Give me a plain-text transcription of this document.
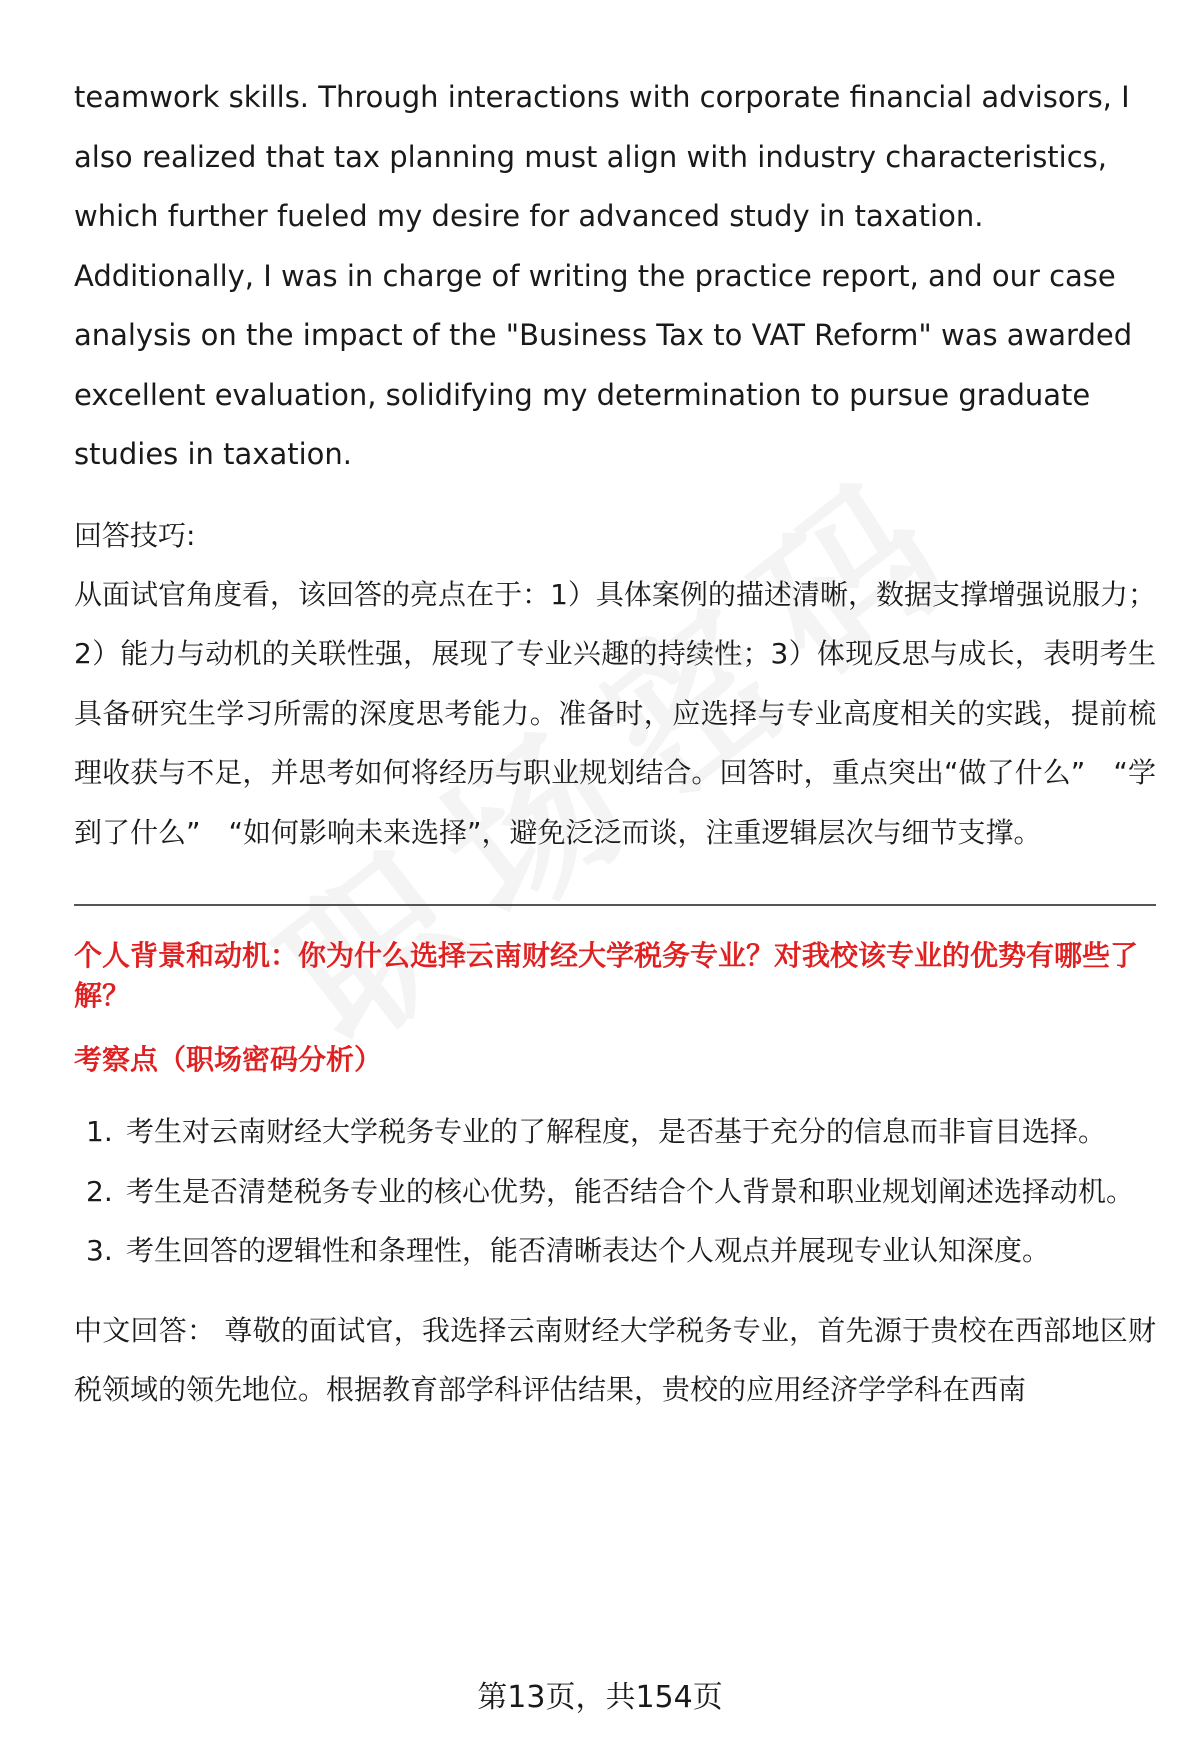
teamwork skills. Through interactions with corporate financial advisors, I also realized that tax planning must align with industry characteristics, which further fueled my desire for advanced study in taxation. Additionally, I was in charge of writing the practice report, and our case analysis on the impact of the "Business Tax to VAT Reform" was awarded excellent evaluation, solidifying my determination to pursue graduate studies in taxation.

回答技巧:

从面试官角度看，该回答的亮点在于：1）具体案例的描述清晰，数据支撑增强说服力；2）能力与动机的关联性强，展现了专业兴趣的持续性；3）体现反思与成长，表明考生具备研究生学习所需的深度思考能力。准备时，应选择与专业高度相关的实践，提前梳理收获与不足，并思考如何将经历与职业规划结合。回答时，重点突出“做了什么”　“学到了什么”　“如何影响未来选择”，避免泛泛而谈，注重逻辑层次与细节支撑。

个人背景和动机：你为什么选择云南财经大学税务专业？对我校该专业的优势有哪些了解？
考察点（职场密码分析）
1. 考生对云南财经大学税务专业的了解程度，是否基于充分的信息而非盲目选择。
2. 考生是否清楚税务专业的核心优势，能否结合个人背景和职业规划阐述选择动机。
3. 考生回答的逻辑性和条理性，能否清晰表达个人观点并展现专业认知深度。

中文回答： 尊敬的面试官，我选择云南财经大学税务专业，首先源于贵校在西部地区财税领域的领先地位。根据教育部学科评估结果，贵校的应用经济学学科在西南

第13页，共154页
